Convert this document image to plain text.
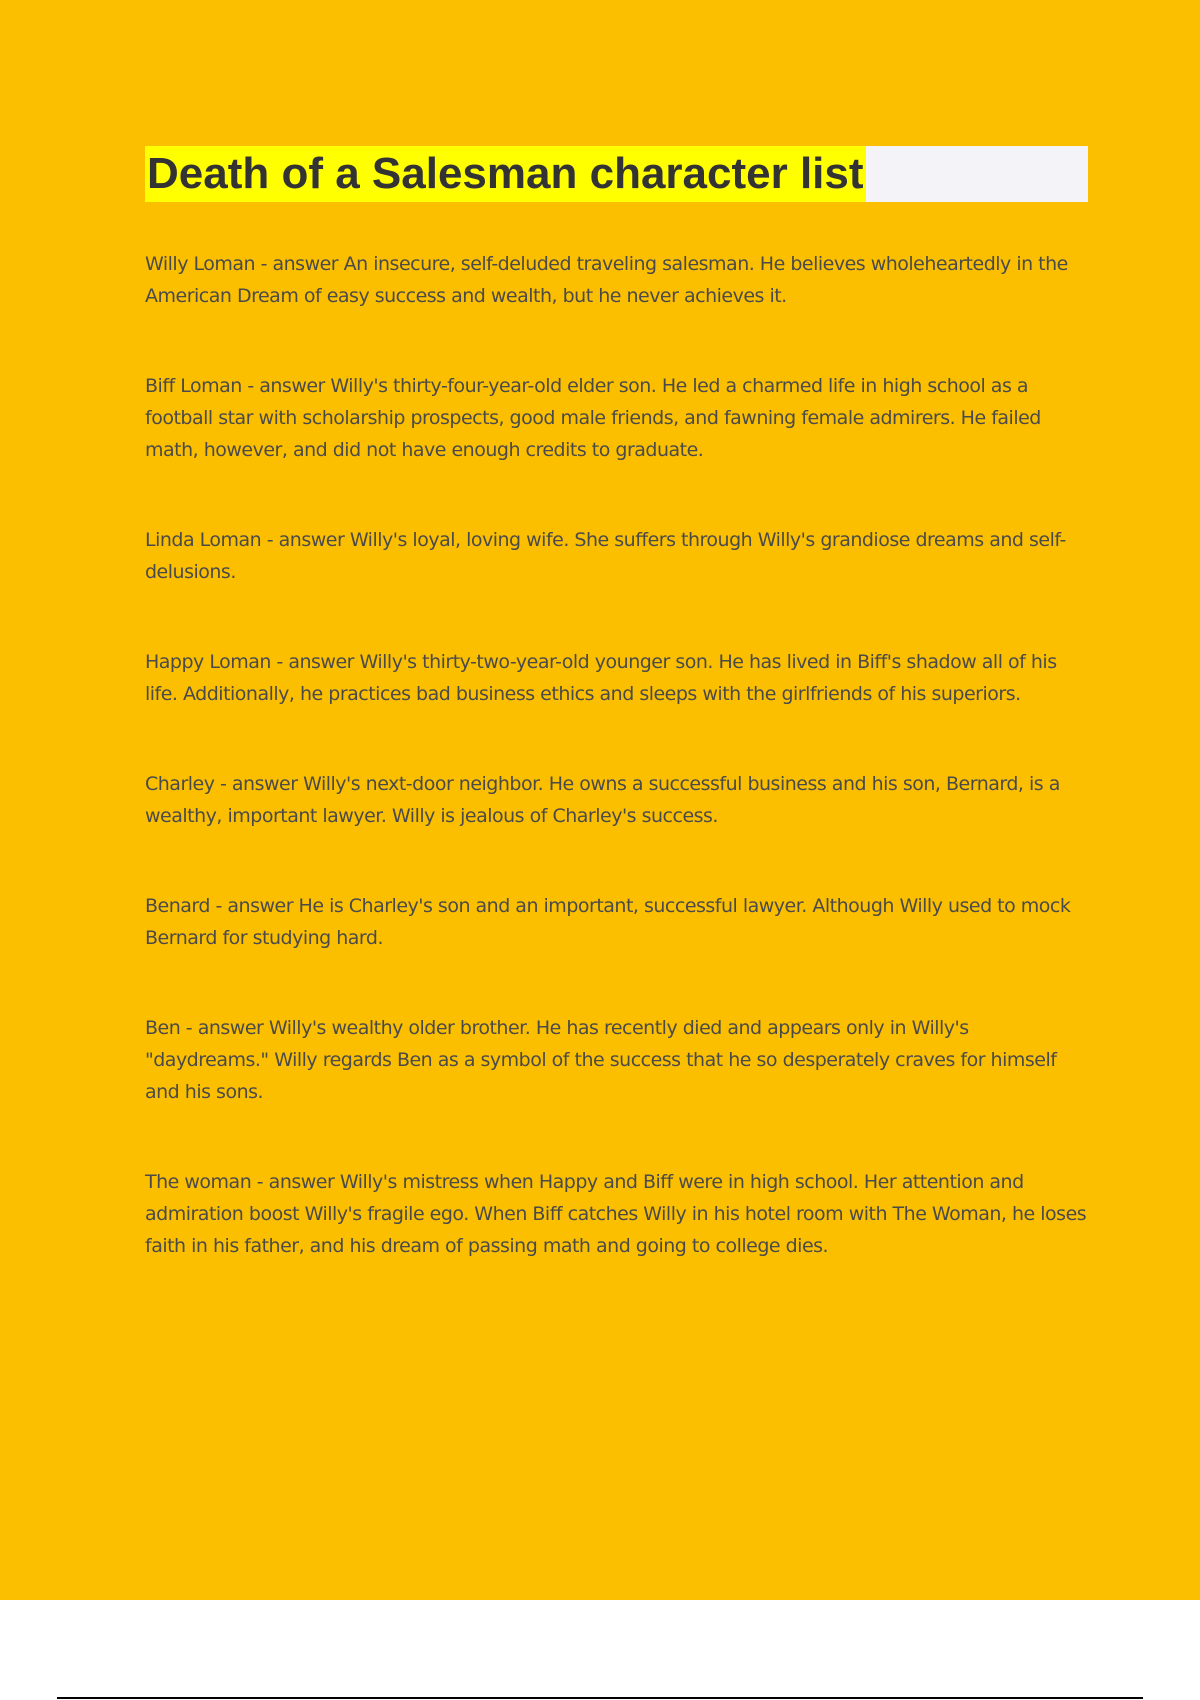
Death of a Salesman character list

Willy Loman - answer An insecure, self-deluded traveling salesman. He believes wholeheartedly in the American Dream of easy success and wealth, but he never achieves it.

Biff Loman - answer Willy's thirty-four-year-old elder son. He led a charmed life in high school as a football star with scholarship prospects, good male friends, and fawning female admirers. He failed math, however, and did not have enough credits to graduate.

Linda Loman - answer Willy's loyal, loving wife. She suffers through Willy's grandiose dreams and self-delusions.

Happy Loman - answer Willy's thirty-two-year-old younger son. He has lived in Biff's shadow all of his life. Additionally, he practices bad business ethics and sleeps with the girlfriends of his superiors.

Charley - answer Willy's next-door neighbor. He owns a successful business and his son, Bernard, is a wealthy, important lawyer. Willy is jealous of Charley's success.

Benard - answer He is Charley's son and an important, successful lawyer. Although Willy used to mock Bernard for studying hard.

Ben - answer Willy's wealthy older brother. He has recently died and appears only in Willy's "daydreams." Willy regards Ben as a symbol of the success that he so desperately craves for himself and his sons.

The woman - answer Willy's mistress when Happy and Biff were in high school. Her attention and admiration boost Willy's fragile ego. When Biff catches Willy in his hotel room with The Woman, he loses faith in his father, and his dream of passing math and going to college dies.
